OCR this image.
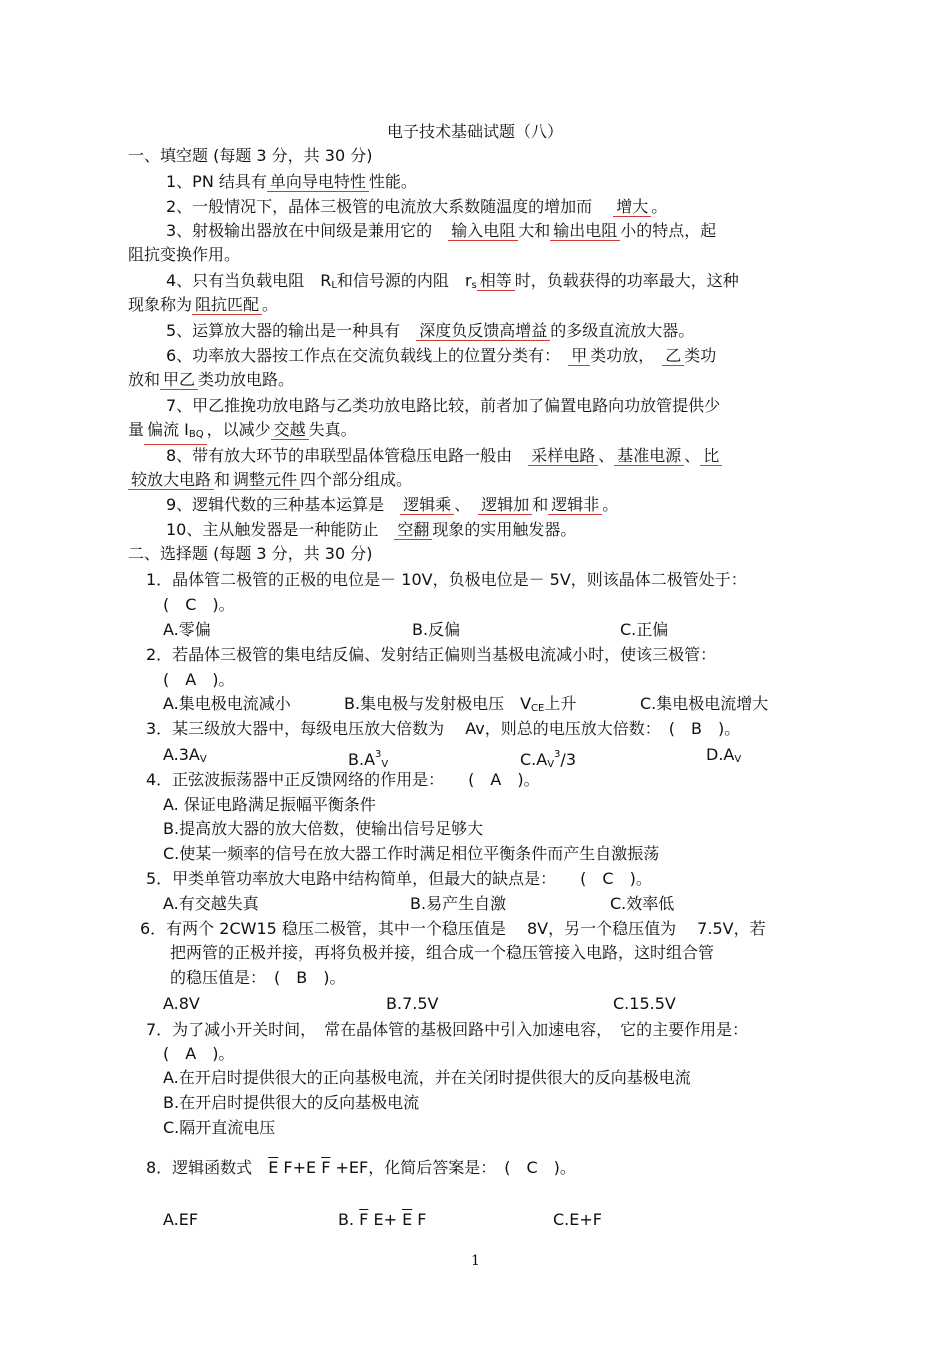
电子技术基础试题（八）
一、填空题 (每题 3 分，共 30 分)
1、PN 结具有 单向导电特性 性能。
2、一般情况下，晶体三极管的电流放大系数随温度的增加而　 增大 。
3、射极输出器放在中间级是兼用它的　 输入电阻 大和 输出电阻 小的特点，起
阻抗变换作用。
4、只有当负载电阻　 $R_L$和信号源的内阻　 $r_s$ 相等 时，负载获得的功率最大，这种
现象称为 阻抗匹配 。
5、运算放大器的输出是一种具有　 深度负反馈高增益 的多级直流放大器。
6、功率放大器按工作点在交流负载线上的位置分类有：　 甲 类功放，　 乙 类功
放和 甲乙 类功放电路。
7、甲乙推挽功放电路与乙类功放电路比较，前者加了偏置电路向功放管提供少
量 偏流 $I_{BQ}$ ，以减少 交越 失真。
8、带有放大环节的串联型晶体管稳压电路一般由　 采样电路 、 基准电源 、 比
较放大电路 和 调整元件 四个部分组成。
9、逻辑代数的三种基本运算是　 逻辑乘 、　 逻辑加 和 逻辑非 。
10、主从触发器是一种能防止　 空翻 现象的实用触发器。
二、选择题 (每题 3 分，共 30 分)
1．晶体管二极管的正极的电位是－ 10V，负极电位是－ 5V，则该晶体二极管处于：
(　C　)。
A.零偏	B.反偏	C.正偏
2．若晶体三极管的集电结反偏、发射结正偏则当基极电流减小时，使该三极管：
(　A　)。
A.集电极电流减小	B.集电极与发射极电压　 $V_{CE}$上升	C.集电极电流增大
3．某三级放大器中，每级电压放大倍数为　 Av，则总的电压放大倍数：　(　B　)。
$A.3A_V$	$B.A^3_V$	$C.A_V^3/3$	$D.A_V$
4．正弦波振荡器中正反馈网络的作用是：　　(　A　)。
A. 保证电路满足振幅平衡条件
B.提高放大器的放大倍数，使输出信号足够大
C.使某一频率的信号在放大器工作时满足相位平衡条件而产生自激振荡
5．甲类单管功率放大电路中结构简单，但最大的缺点是：　　(　C　)。
A.有交越失真	B.易产生自激	C.效率低
6．有两个 2CW15 稳压二极管，其中一个稳压值是　 8V，另一个稳压值为　 7.5V，若
把两管的正极并接，再将负极并接，组合成一个稳压管接入电路，这时组合管
的稳压值是：　(　B　)。
A.8V	B.7.5V	C.15.5V
7．为了减小开关时间，　常在晶体管的基极回路中引入加速电容，　它的主要作用是：
(　A　)。
A.在开启时提供很大的正向基极电流，并在关闭时提供很大的反向基极电流
B.在开启时提供很大的反向基极电流
C.隔开直流电压
8．逻辑函数式　 $\overline{E}$ F+E $\overline{F} +EF$，化简后答案是：　(　C　)。
A.EF	B. $\overline{F}$ $E+ \overline{E}$ F	C.E+F
1
